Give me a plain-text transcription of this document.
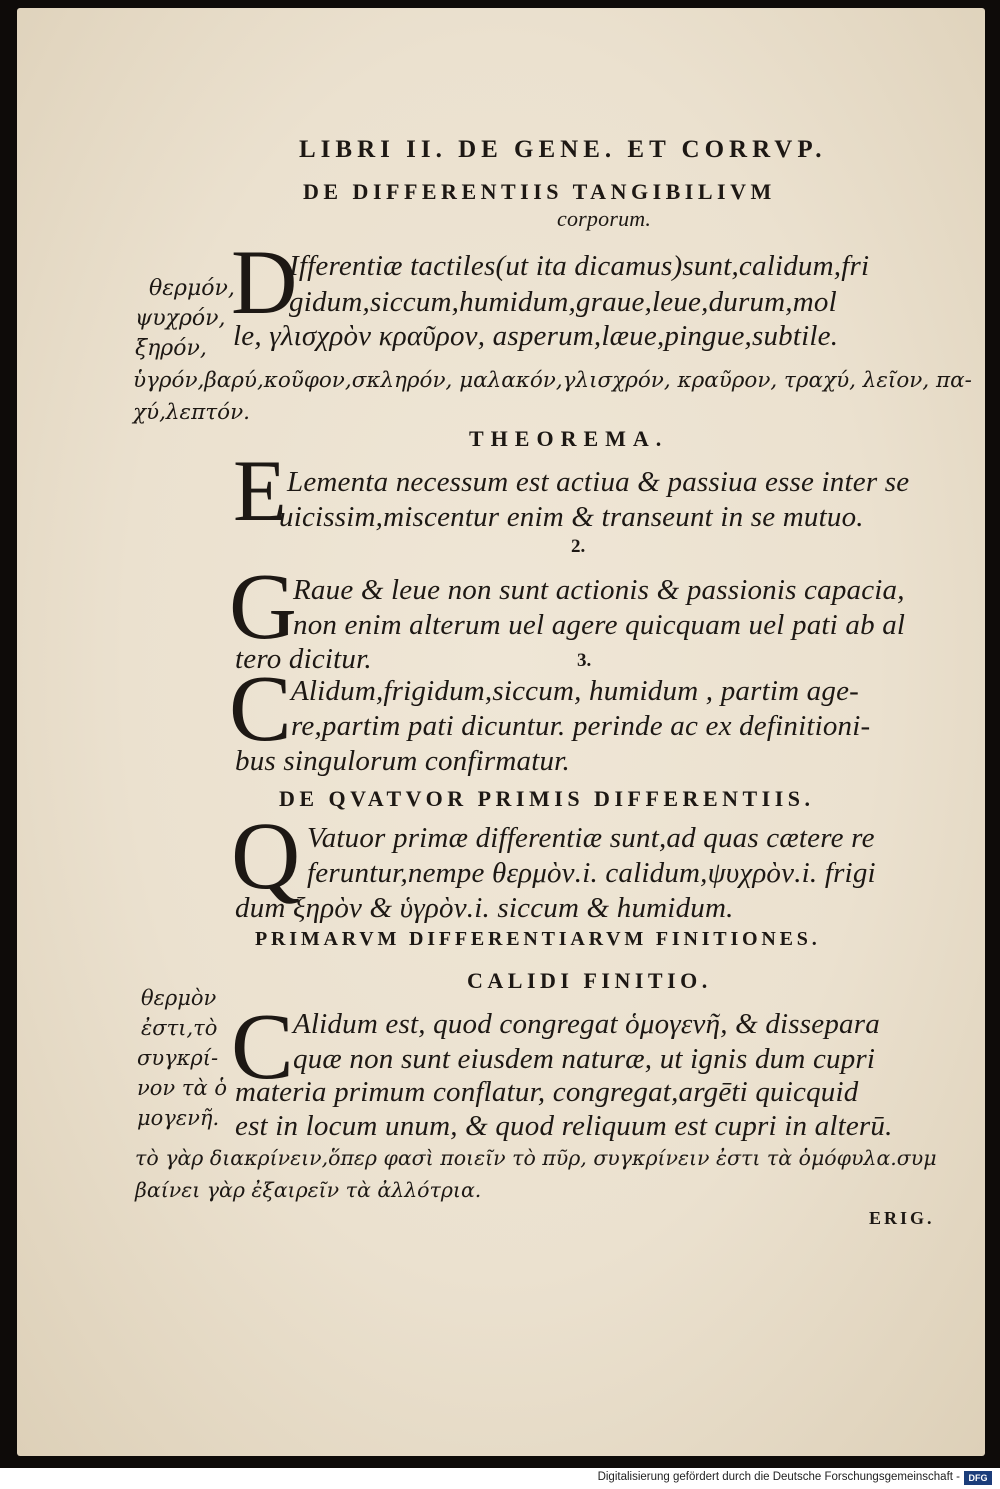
LIBRI II. DE GENE. ET CORRVP.
DE DIFFERENTIIS TANGIBILIVM
corporum.
θερμόν,
ψυχρόν,
ξηρόν,
D
Ifferentiæ tactiles(ut ita dicamus)sunt,calidum,fri
gidum,siccum,humidum,graue,leue,durum,mol
le, γλισχρὸν κραῦρον, asperum,læue,pingue,subtile.
ὑγρόν,βαρύ,κοῦφον,σκληρόν, μαλακόν,γλισχρόν, κραῦρον, τραχύ, λεῖον, πα-
χύ,λεπτόν.
THEOREMA.
E Lementa necessum est actiua & passiua esse inter se
uicissim,miscentur enim & transeunt in se mutuo.
2.
G
Raue & leue non sunt actionis & passionis capacia,
non enim alterum uel agere quicquam uel pati ab al
tero dicitur.	3.
C Alidum,frigidum,siccum, humidum , partim age-
re,partim pati dicuntur. perinde ac ex definitioni-
bus singulorum confirmatur.
DE QVATVOR PRIMIS DIFFERENTIIS.
Q Vatuor primæ differentiæ sunt,ad quas cætere re
feruntur,nempe θερμὸν.i. calidum,ψυχρὸν.i. frigi
dum ξηρὸν & ὑγρὸν.i. siccum & humidum.
PRIMARVM DIFFERENTIARVM FINITIONES.
CALIDI FINITIO.
θερμὸν
ἐστι,τὸ
συγκρί-
νον τὰ ὁ
μογενῆ.
C Alidum est, quod congregat ὁμογενῆ, & dissepara
quæ non sunt eiusdem naturæ, ut ignis dum cupri
materia primum conflatur, congregat,argēti quicquid
est in locum unum, & quod reliquum est cupri in alterū.
τὸ γὰρ διακρίνειν,ὅπερ φασὶ ποιεῖν τὸ πῦρ, συγκρίνειν ἐστι τὰ ὁμόφυλα.συμ
βαίνει γὰρ ἐξαιρεῖν τὰ ἀλλότρια.
ERIG.
Digitalisierung gefördert durch die Deutsche Forschungsgemeinschaft - DFG
